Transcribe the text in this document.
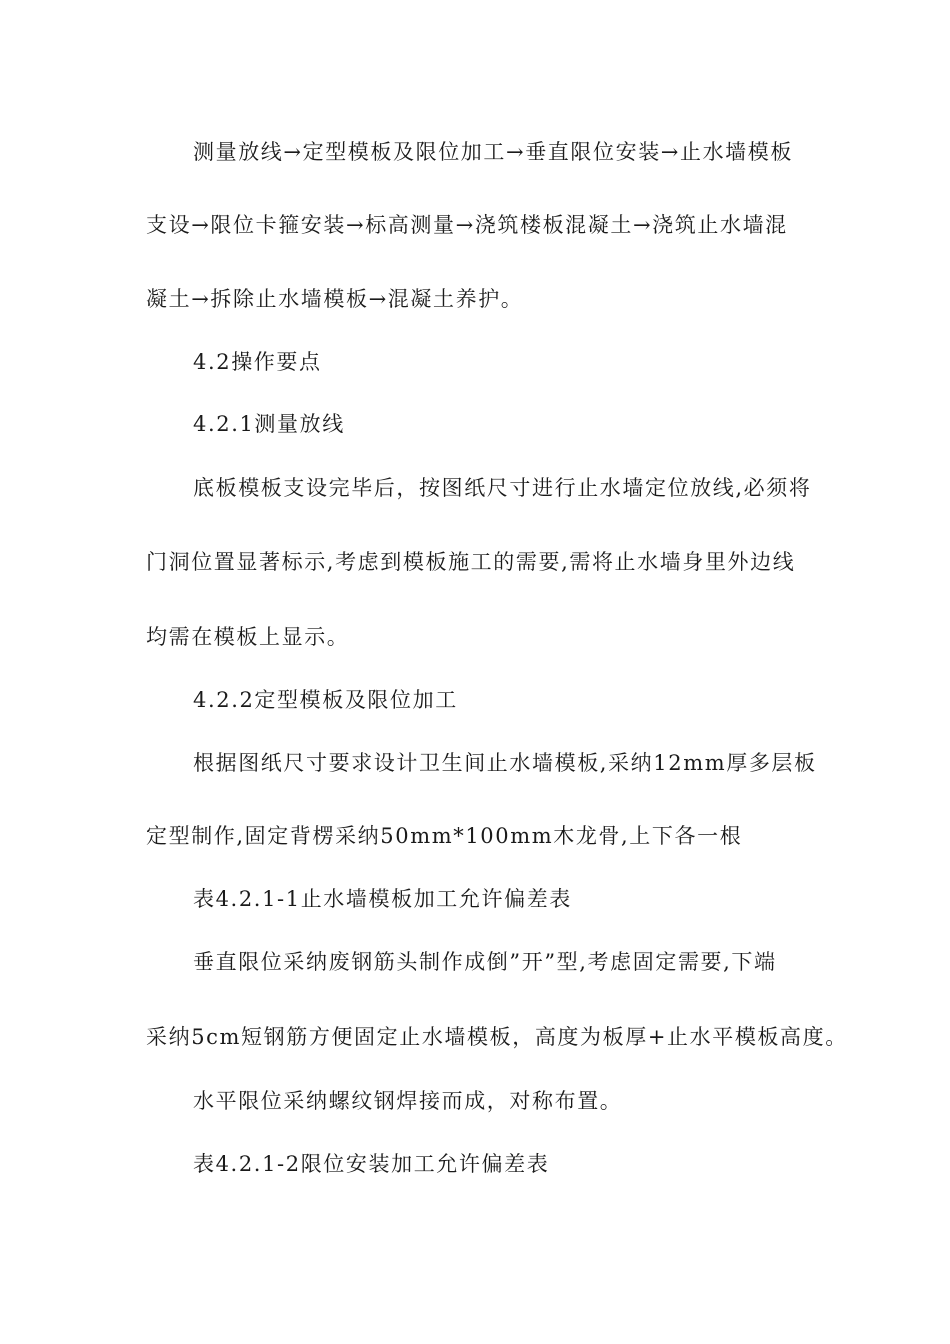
测量放线→定型模板及限位加工→垂直限位安装→止水墙模板
支设→限位卡箍安装→标高测量→浇筑楼板混凝土→浇筑止水墙混
凝土→拆除止水墙模板→混凝土养护。
4.2操作要点
4.2.1测量放线
底板模板支设完毕后，按图纸尺寸进行止水墙定位放线,必须将
门洞位置显著标示,考虑到模板施工的需要,需将止水墙身里外边线
均需在模板上显示。
4.2.2定型模板及限位加工
根据图纸尺寸要求设计卫生间止水墙模板,采纳12mm厚多层板
定型制作,固定背楞采纳50mm*100mm木龙骨,上下各一根
表4.2.1-1止水墙模板加工允许偏差表
垂直限位采纳废钢筋头制作成倒”开”型,考虑固定需要,下端
采纳5cm短钢筋方便固定止水墙模板，高度为板厚+止水平模板高度。
水平限位采纳螺纹钢焊接而成，对称布置。
表4.2.1-2限位安装加工允许偏差表
